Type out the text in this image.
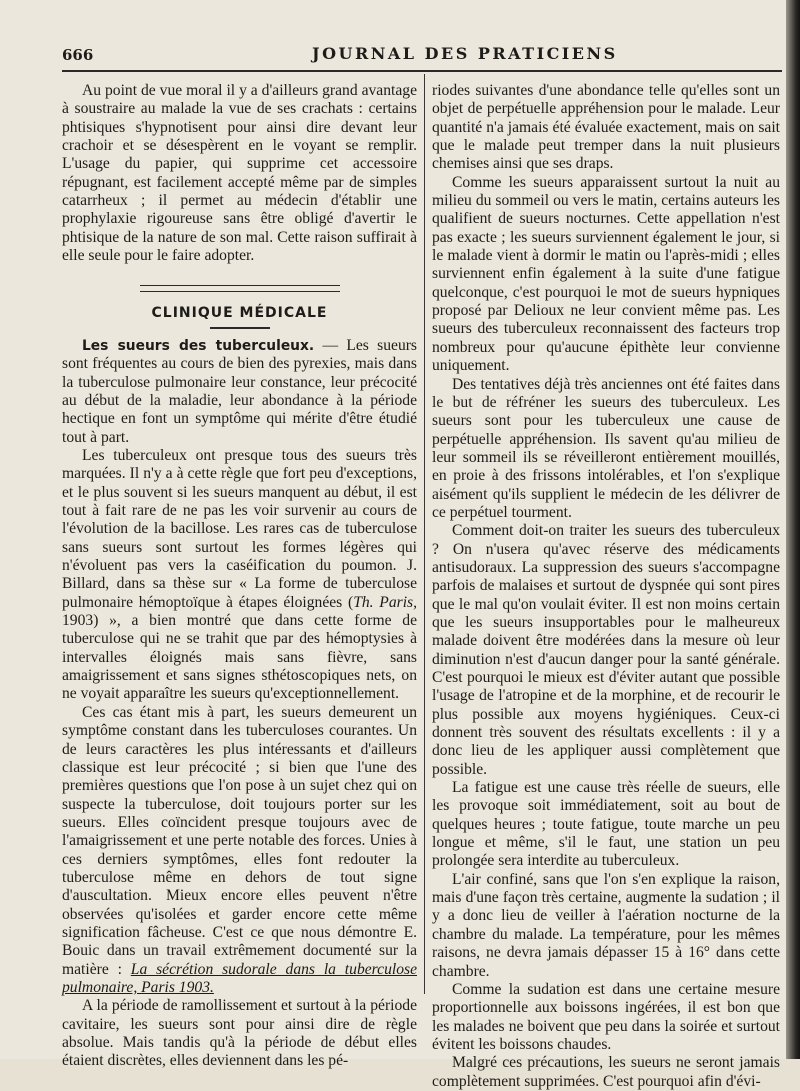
666	JOURNAL DES PRATICIENS

Au point de vue moral il y a d'ailleurs grand avantage à soustraire au malade la vue de ses crachats : certains phtisiques s'hypnotisent pour ainsi dire devant leur crachoir et se désespèrent en le voyant se remplir. L'usage du papier, qui supprime cet accessoire répugnant, est facilement accepté même par de simples catarrheux ; il permet au médecin d'établir une prophylaxie rigoureuse sans être obligé d'avertir le phtisique de la nature de son mal. Cette raison suffirait à elle seule pour le faire adopter.

CLINIQUE MÉDICALE

Les sueurs des tuberculeux. — Les sueurs sont fréquentes au cours de bien des pyrexies, mais dans la tuberculose pulmonaire leur constance, leur précocité au début de la maladie, leur abondance à la période hectique en font un symptôme qui mérite d'être étudié tout à part.

Les tuberculeux ont presque tous des sueurs très marquées. Il n'y a à cette règle que fort peu d'exceptions, et le plus souvent si les sueurs manquent au début, il est tout à fait rare de ne pas les voir survenir au cours de l'évolution de la bacillose. Les rares cas de tuberculose sans sueurs sont surtout les formes légères qui n'évoluent pas vers la caséification du poumon. J. Billard, dans sa thèse sur « La forme de tuberculose pulmonaire hémoptoïque à étapes éloignées (Th. Paris, 1903) », a bien montré que dans cette forme de tuberculose qui ne se trahit que par des hémoptysies à intervalles éloignés mais sans fièvre, sans amaigrissement et sans signes sthétoscopiques nets, on ne voyait apparaître les sueurs qu'exceptionnellement.

Ces cas étant mis à part, les sueurs demeurent un symptôme constant dans les tuberculoses courantes. Un de leurs caractères les plus intéressants et d'ailleurs classique est leur précocité ; si bien que l'une des premières questions que l'on pose à un sujet chez qui on suspecte la tuberculose, doit toujours porter sur les sueurs. Elles coïncident presque toujours avec de l'amaigrissement et une perte notable des forces. Unies à ces derniers symptômes, elles font redouter la tuberculose même en dehors de tout signe d'auscultation. Mieux encore elles peuvent n'être observées qu'isolées et garder encore cette même signification fâcheuse. C'est ce que nous démontre E. Bouic dans un travail extrêmement documenté sur la matière : La sécrétion sudorale dans la tuberculose pulmonaire, Paris 1903.

A la période de ramollissement et surtout à la période cavitaire, les sueurs sont pour ainsi dire de règle absolue. Mais tandis qu'à la période de début elles étaient discrètes, elles deviennent dans les pé-

riodes suivantes d'une abondance telle qu'elles sont un objet de perpétuelle appréhension pour le malade. Leur quantité n'a jamais été évaluée exactement, mais on sait que le malade peut tremper dans la nuit plusieurs chemises ainsi que ses draps.

Comme les sueurs apparaissent surtout la nuit au milieu du sommeil ou vers le matin, certains auteurs les qualifient de sueurs nocturnes. Cette appellation n'est pas exacte ; les sueurs surviennent également le jour, si le malade vient à dormir le matin ou l'après-midi ; elles surviennent enfin également à la suite d'une fatigue quelconque, c'est pourquoi le mot de sueurs hypniques proposé par Delioux ne leur convient même pas. Les sueurs des tuberculeux reconnaissent des facteurs trop nombreux pour qu'aucune épithète leur convienne uniquement.

Des tentatives déjà très anciennes ont été faites dans le but de réfréner les sueurs des tuberculeux. Les sueurs sont pour les tuberculeux une cause de perpétuelle appréhension. Ils savent qu'au milieu de leur sommeil ils se réveilleront entièrement mouillés, en proie à des frissons intolérables, et l'on s'explique aisément qu'ils supplient le médecin de les délivrer de ce perpétuel tourment.

Comment doit-on traiter les sueurs des tuberculeux ? On n'usera qu'avec réserve des médicaments antisudoraux. La suppression des sueurs s'accompagne parfois de malaises et surtout de dyspnée qui sont pires que le mal qu'on voulait éviter. Il est non moins certain que les sueurs insupportables pour le malheureux malade doivent être modérées dans la mesure où leur diminution n'est d'aucun danger pour la santé générale. C'est pourquoi le mieux est d'éviter autant que possible l'usage de l'atropine et de la morphine, et de recourir le plus possible aux moyens hygiéniques. Ceux-ci donnent très souvent des résultats excellents : il y a donc lieu de les appliquer aussi complètement que possible.

La fatigue est une cause très réelle de sueurs, elle les provoque soit immédiatement, soit au bout de quelques heures ; toute fatigue, toute marche un peu longue et même, s'il le faut, une station un peu prolongée sera interdite au tuberculeux.

L'air confiné, sans que l'on s'en explique la raison, mais d'une façon très certaine, augmente la sudation ; il y a donc lieu de veiller à l'aération nocturne de la chambre du malade. La température, pour les mêmes raisons, ne devra jamais dépasser 15 à 16° dans cette chambre.

Comme la sudation est dans une certaine mesure proportionnelle aux boissons ingérées, il est bon que les malades ne boivent que peu dans la soirée et surtout évitent les boissons chaudes.

Malgré ces précautions, les sueurs ne seront jamais complètement supprimées. C'est pourquoi afin d'évi-
